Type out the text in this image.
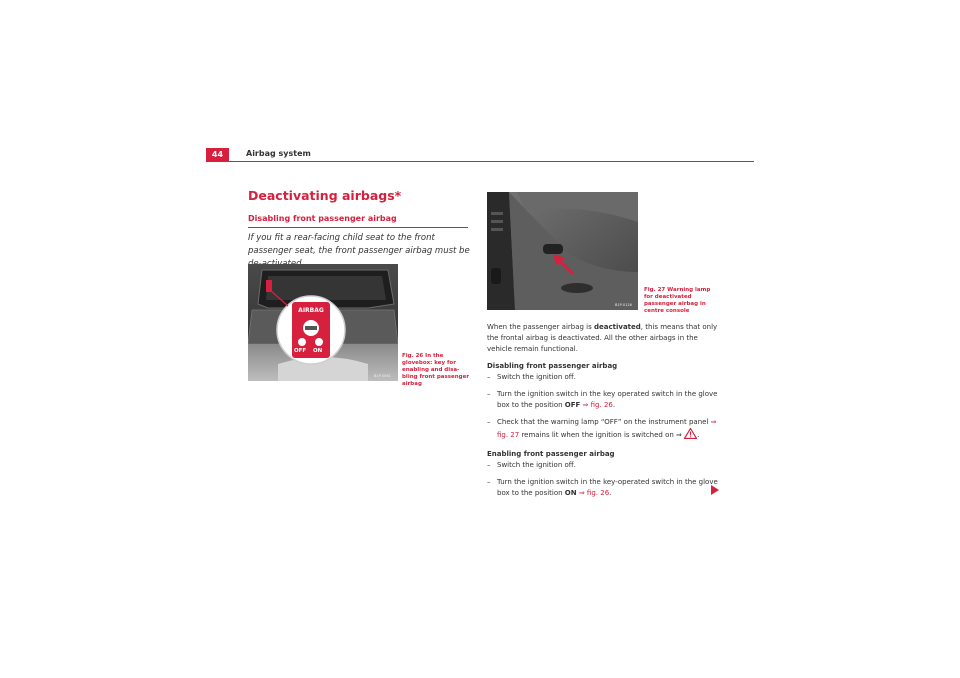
44	Airbag system
Deactivating airbags*
Disabling front passenger airbag
If you fit a rear-facing child seat to the front passenger seat, the front passenger airbag must be
AIRBAG
OFF ON
B1P-0061
Fig. 26 In the glovebox: key for enabling and disa-bling front passenger airbag
B1P-0126
Fig. 27 Warning lamp for deactivated passenger airbag in centre console
When the passenger airbag is deactivated, this means that only the frontal airbag is deactivated. All the other airbags in the vehicle remain functional.
Disabling front passenger airbag
– Switch the ignition off.
– Turn the ignition switch in the key operated switch in the glove box to the position OFF ⇒ fig. 26.
– Check that the warning lamp “OFF” on the instrument panel ⇒ fig. 27 remains lit when the ignition is switched on ⇒ .
Enabling front passenger airbag
– Switch the ignition off.
– Turn the ignition switch in the key-operated switch in the glove box to the position ON ⇒ fig. 26.
